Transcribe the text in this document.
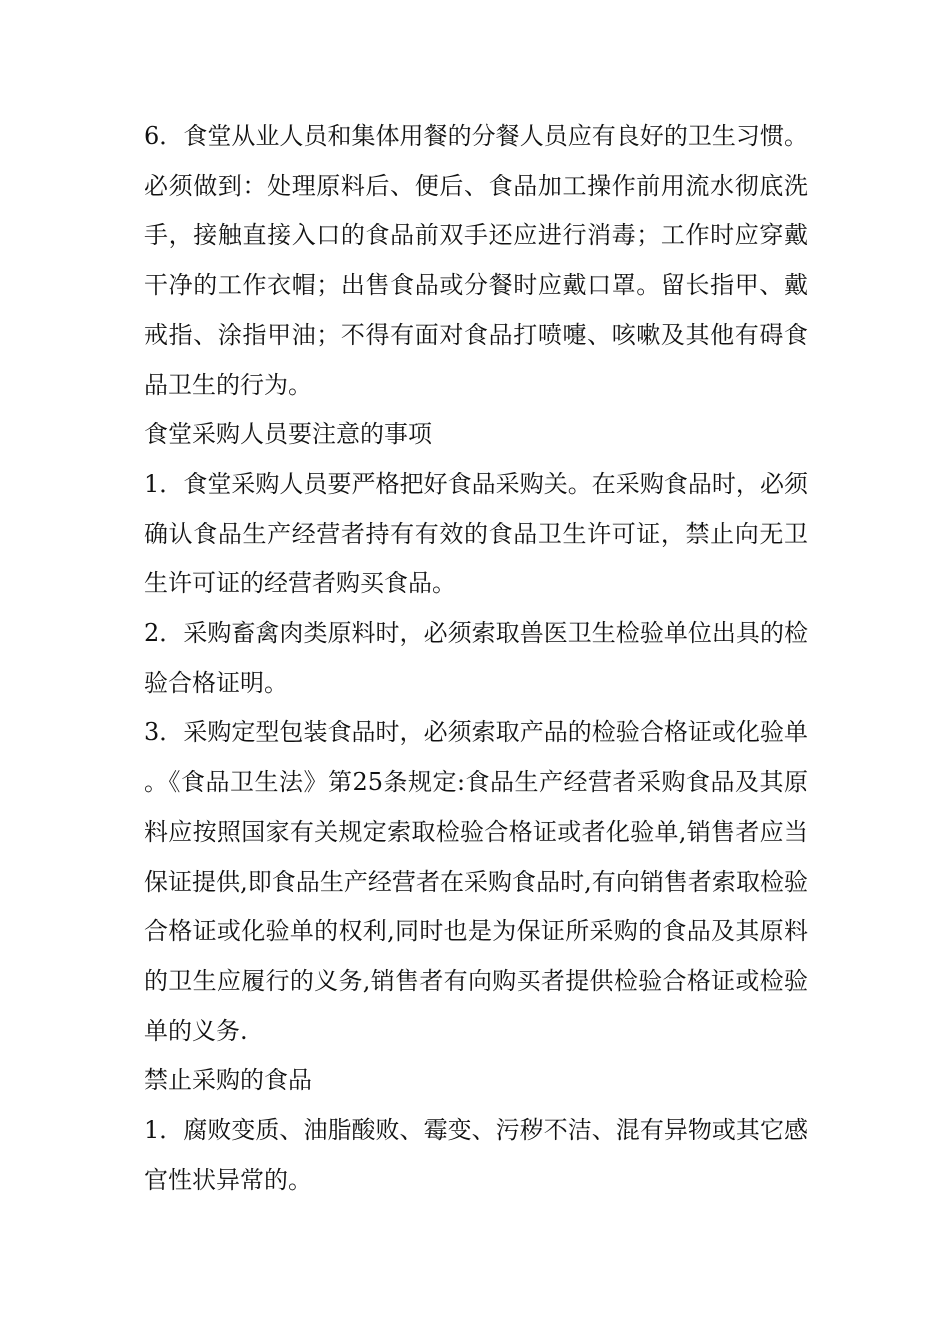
6．食堂从业人员和集体用餐的分餐人员应有良好的卫生习惯。必须做到：处理原料后、便后、食品加工操作前用流水彻底洗手，接触直接入口的食品前双手还应进行消毒；工作时应穿戴干净的工作衣帽；出售食品或分餐时应戴口罩。留长指甲、戴戒指、涂指甲油；不得有面对食品打喷嚏、咳嗽及其他有碍食品卫生的行为。

食堂采购人员要注意的事项

1．食堂采购人员要严格把好食品采购关。在采购食品时，必须确认食品生产经营者持有有效的食品卫生许可证，禁止向无卫生许可证的经营者购买食品。

2．采购畜禽肉类原料时，必须索取兽医卫生检验单位出具的检验合格证明。

3．采购定型包装食品时，必须索取产品的检验合格证或化验单。《食品卫生法》第25条规定:食品生产经营者采购食品及其原料应按照国家有关规定索取检验合格证或者化验单,销售者应当保证提供,即食品生产经营者在采购食品时,有向销售者索取检验合格证或化验单的权利,同时也是为保证所采购的食品及其原料的卫生应履行的义务,销售者有向购买者提供检验合格证或检验单的义务.

禁止采购的食品

1．腐败变质、油脂酸败、霉变、污秽不洁、混有异物或其它感官性状异常的。
